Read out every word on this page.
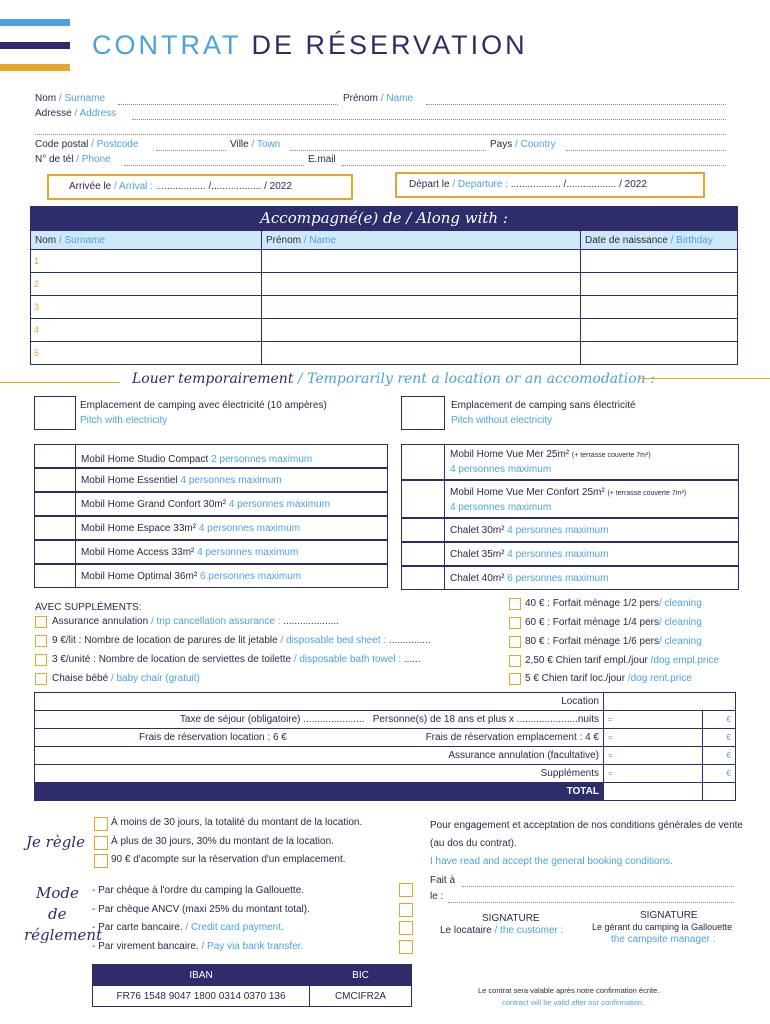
CONTRAT DE RÉSERVATION
Nom / Surname	Prénom / Name
Adresse / Address
Code postal / Postcode	Ville / Town	Pays / Country
N° de tél / Phone	E.mail
Arrivée le / Arrival : .................. /.................. / 2022	Départ le / Departure : .................. /.................. / 2022
Accompagné(e) de / Along with :
Nom / Surname	Prénom / Name	Date de naissance / Birthday
1		
2		
3		
4		
5		
Louer temporairement / Temporarily rent a location or an accomodation :
Emplacement de camping avec électricité (10 ampères)
Pitch with electricity
Emplacement de camping sans électricité
Pitch without electricity
Mobil Home Studio Compact 2 personnes maximum
Mobil Home Essentiel 4 personnes maximum
Mobil Home Grand Confort 30m² 4 personnes maximum
Mobil Home Espace 33m² 4 personnes maximum
Mobil Home Access 33m² 4 personnes maximum
Mobil Home Optimal 36m² 6 personnes maximum
Mobil Home Vue Mer 25m² (+ terrasse couverte 7m²)
4 personnes maximum
Mobil Home Vue Mer Confort 25m² (+ terrasse couverte 7m²)
4 personnes maximum
Chalet 30m² 4 personnes maximum
Chalet 35m² 4 personnes maximum
Chalet 40m² 6 personnes maximum
AVEC SUPPLÉMENTS:
Assurance annulation / trip cancellation assurance : ....................
9 €/lit : Nombre de location de parures de lit jetable / disposable bed sheet : ...............
3 €/unité : Nombre de location de serviettes de toilette / disposable bath towel : ......
Chaise bébé / baby chair (gratuit)
40 € : Forfait ménage 1/2 pers/ cleaning
60 € : Forfait ménage 1/4 pers/ cleaning
80 € : Forfait ménage 1/6 pers/ cleaning
2,50 € Chien tarif empl./jour /dog empl.price
5 € Chien tarif loc./jour /dog rent.price
Location		
Taxe de séjour (obligatoire) ...................... Personne(s) de 18 ans et plus x ......................nuits	=	€
Frais de réservation location : 6 € Frais de réservation emplacement : 4 €	=	€
Assurance annulation (facultative)	=	€
Suppléments	=	€
TOTAL	=	€
Je règle
À moins de 30 jours, la totalité du montant de la location.
À plus de 30 jours, 30% du montant de la location.
90 € d'acompte sur la réservation d'un emplacement.
Mode
de
réglement
- Par chèque à l'ordre du camping la Gallouette.
- Par chèque ANCV (maxi 25% du montant total).
- Par carte bancaire. / Credit card payment.
- Par virement bancaire. / Pay via bank transfer.
IBAN	BIC
FR76 1548 9047 1800 0314 0370 136	CMCIFR2A
Pour engagement et acceptation de nos conditions générales de vente (au dos du contrat).
I have read and accept the general booking conditions.
Fait à
le :
SIGNATURE
Le locataire / the customer :
SIGNATURE
Le gérant du camping la Gallouette
the campsite manager :
Le contrat sera valable après notre confirmation écrite.
contract will be valid after our confirmation.
